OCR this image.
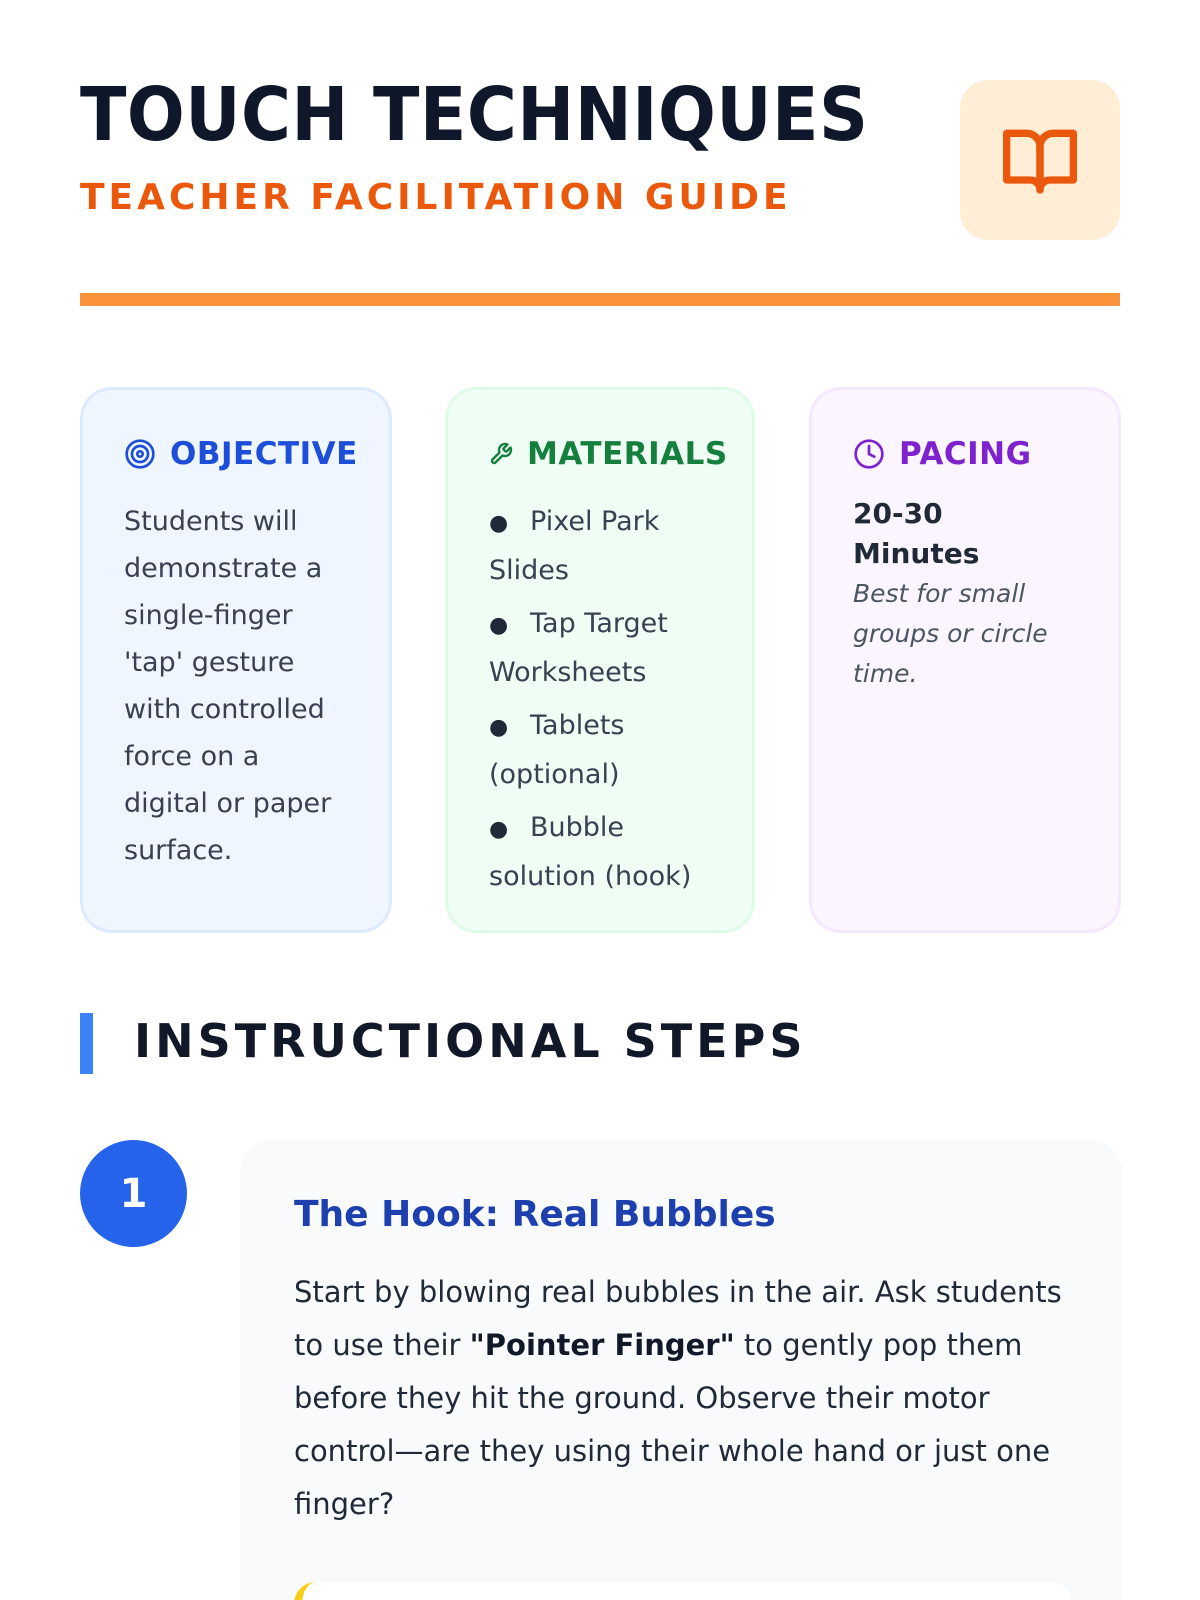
TOUCH TECHNIQUES
TEACHER FACILITATION GUIDE
OBJECTIVE

Students will demonstrate a single-finger 'tap' gesture with controlled force on a digital or paper surface.

MATERIALS
● Pixel Park Slides
● Tap Target Worksheets
● Tablets (optional)
● Bubble solution (hook)
PACING
20-30 Minutes
Best for small groups or circle time.
INSTRUCTIONAL STEPS
1	The Hook: Real Bubbles

Start by blowing real bubbles in the air. Ask students to use their "Pointer Finger" to gently pop them before they hit the ground. Observe their motor control—are they using their whole hand or just one finger?
